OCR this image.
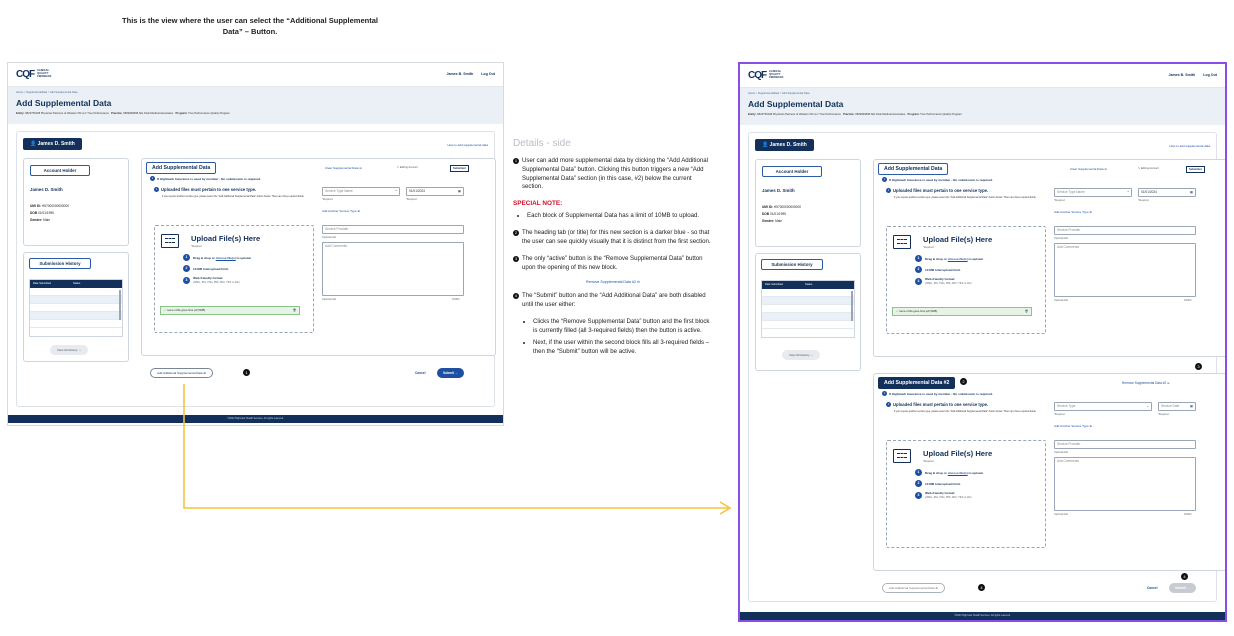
This is the view where the user can select the “Additional Supplemental Data” – Button.
CQF CLINICAL QUALITY FEEDBACK
James B. Smith Log Out
Home > SupplementalData > Add Supplemental Data
Add Supplemental Data
Entity: 0823759108 Physician Partners of Western PA LLC True Performance Practice: 0829990808 Alle Kiski Medical Associates Program: True Performance Quality Program
👤 James D. Smith	How to add supplemental data
Account Holder
James D. Smith
UMI ID: H57000000000000
DOB 01/01/1995
Gender: Male
Submission History
Date Submitted	Status
View All History →
Add Supplemental Data	Clear Supplemental Data ⊖	✎ Editing Account	Submitted
i	If Highmark Insurance is used by member - No submission is required.
i Uploaded files must pertain to one service type.
If you require another service type, please select the "Add Additional Supplemental Data" button below. There are three required fields.
Service Type Name	^
*Required
01/01/2024	▦
*Required
Add Another Service Type ⊕
Service Provider
Optional field
Add Comments
Optional field	0/1800
Upload File(s) Here
*Required
1	Drag & drop or choose file(s) to upload.
2	10 MB total upload limit.
3	Web-friendly format:
(JPEG, JPG, PNG, PDF, DOC, TIFF or GIF)
✓ name-of-file-goes-here.pdf (6MB)	🗑
Add Additional Supplemental Data ⊕	1	Cancel	Submit →
©2024 Highmark Health Services. All rights reserved.
Details - side
1 User can add more supplemental data by clicking the “Add Additional Supplemental Data” button. Clicking this button triggers a new “Add Supplemental Data” section (in this case, #2) below the current section.
SPECIAL NOTE:
• Each block of Supplemental Data has a limit of 10MB to upload.
2 The heading tab (or title) for this new section is a darker blue - so that the user can see quickly visually that it is distinct from the first section.
3 The only “active” button is the “Remove Supplemental Data” button upon the opening of this new block.
Remove Supplemental Data #2 ⊖
4 The “Submit” button and the “Add Additional Data” are both disabled until the user either:
• Clicks the “Remove Supplemental Data” button and the first block is currently filled (all 3-required fields) then the button is active.
• Next, if the user within the second block fills all 3-required fields – then the “Submit” button will be active.
CQF CLINICAL QUALITY FEEDBACK
James B. Smith Log Out
Home > SupplementalData > Add Supplemental Data
Add Supplemental Data
Entity: 0823759108 Physician Partners of Western PA LLC True Performance Practice: 0829990808 Alle Kiski Medical Associates Program: True Performance Quality Program
👤 James D. Smith	How to add supplemental data
Account Holder
James D. Smith
UMI ID: H57000000000000
DOB 01/01/1995
Gender: Male
Submission History
Date Submitted	Status
View All History →
Add Supplemental Data	Clear Supplemental Data ⊖	✎ Editing Account	Submitted
i	If Highmark Insurance is used by member - No submission is required.
i Uploaded files must pertain to one service type.
If you require another service type, please select the "Add Additional Supplemental Data" button below. There are three required fields.
Service Type Name	^
*Required
01/01/2024	▦
*Required
Add Another Service Type ⊕
Service Provider
Optional field
Add Comments
Optional field	0/1800
Upload File(s) Here
*Required
1	Drag & drop or choose file(s) to upload.
2	10 MB total upload limit.
3	Web-friendly format:
(JPEG, JPG, PNG, PDF, DOC, TIFF or GIF)
✓ name-of-file-goes-here.pdf (6MB)	🗑
3
Add Supplemental Data #2	2	Remove Supplemental Data #2 ⊖
i	If Highmark Insurance is used by member - No submission is required.
i Uploaded files must pertain to one service type.
If you require another service type, please select the "Add Additional Supplemental Data" button below. There are three required fields.
Service Type	⌄
*Required
Service Date	▦
*Required
Add Another Service Type ⊕
Service Provider
Optional field
Add Comments
Optional field	0/1800
Upload File(s) Here
*Required
1	Drag & drop or choose file(s) to upload.
2	10 MB total upload limit.
3	Web-friendly format:
(JPEG, JPG, PNG, PDF, DOC, TIFF or GIF)
Add Additional Supplemental Data ⊕	4	Cancel
4
Submit →
©2024 Highmark Health Services. All rights reserved.
